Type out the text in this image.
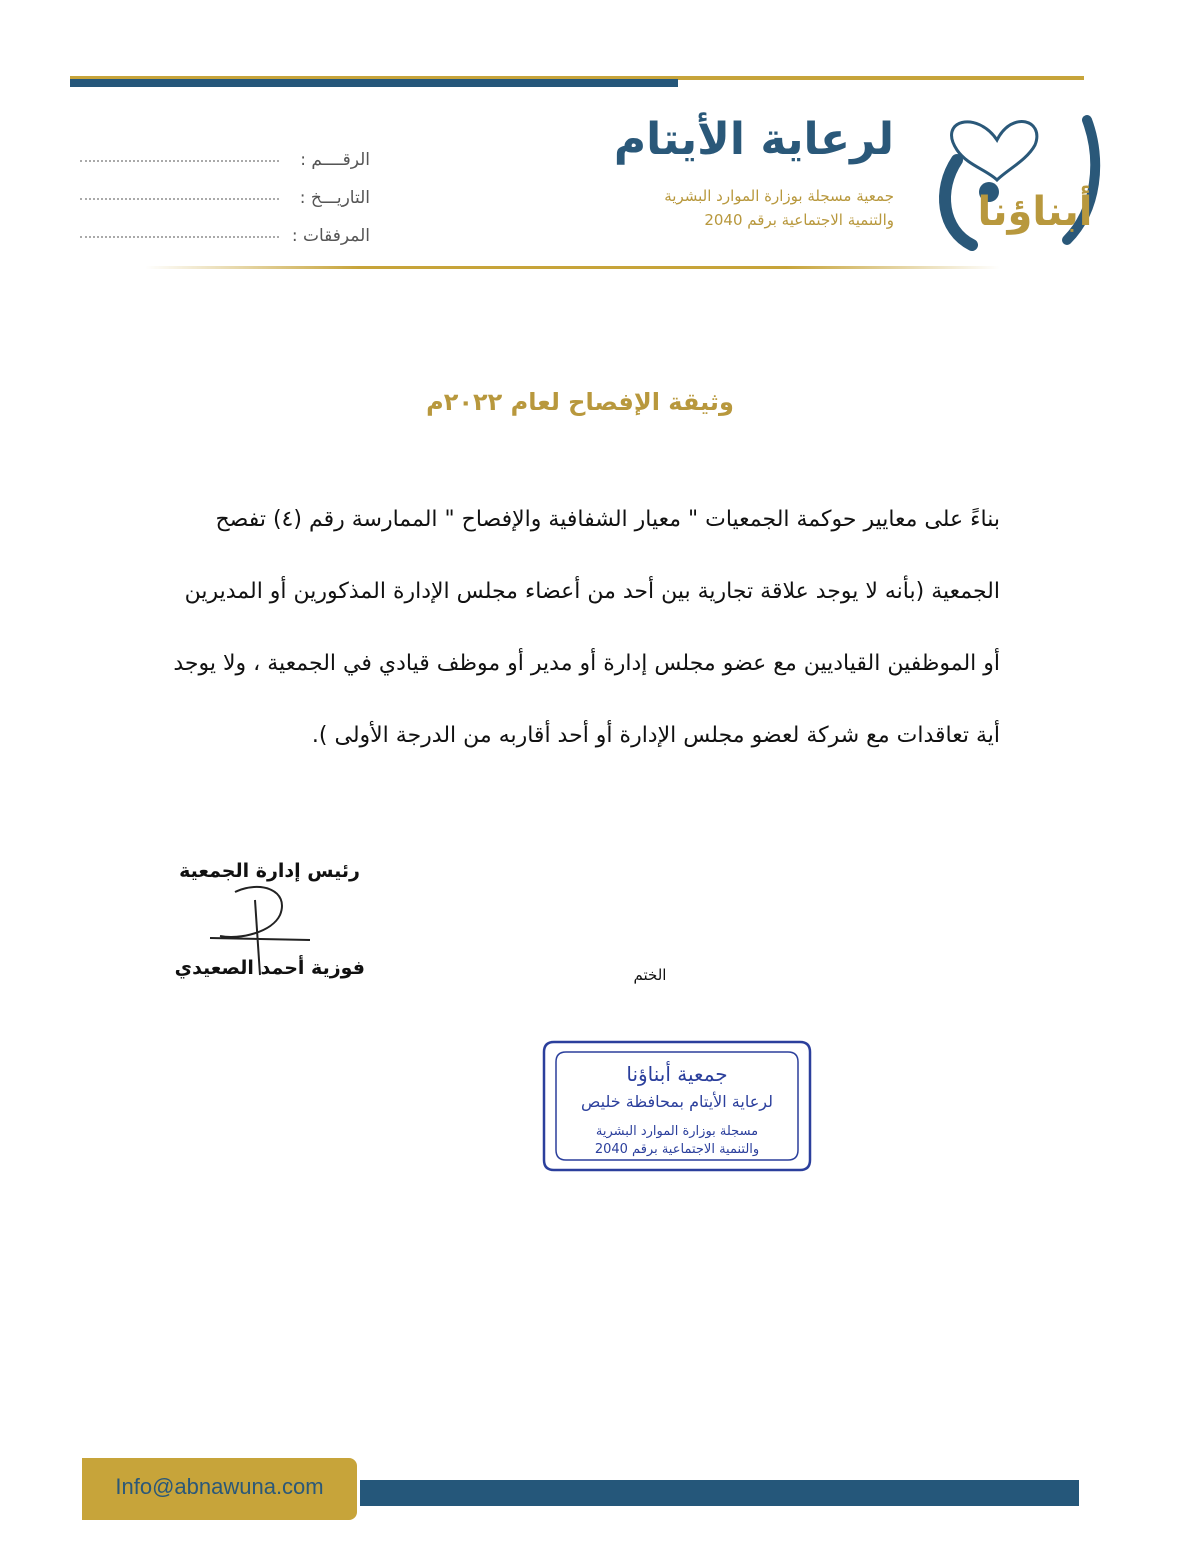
أبناؤنا
لرعاية الأيتام
جمعية مسجلة بوزارة الموارد البشرية
والتنمية الاجتماعية برقم 2040
الرقــــم :
التاريـــخ :
المرفقات :
وثيقة الإفصاح لعام ٢٠٢٢م
بناءً على معايير حوكمة الجمعيات " معيار الشفافية والإفصاح " الممارسة رقم (٤) تفصح
الجمعية (بأنه لا يوجد علاقة تجارية بين أحد من أعضاء مجلس الإدارة المذكورين أو المديرين
أو الموظفين القياديين مع عضو مجلس إدارة أو مدير أو موظف قيادي في الجمعية ، ولا يوجد
أية تعاقدات مع شركة لعضو مجلس الإدارة أو أحد أقاربه من الدرجة الأولى ).
رئيس إدارة الجمعية
فوزية أحمد الصعيدي	الختم
جمعية أبناؤنا
لرعاية الأيتام بمحافظة خليص
مسجلة بوزارة الموارد البشرية
والتنمية الاجتماعية برقم 2040
Info@abnawuna.com
